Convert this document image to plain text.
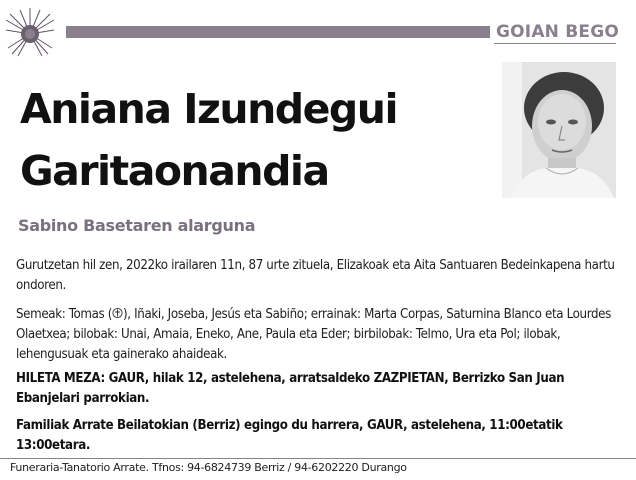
GOIAN BEGO
Aniana Izundegui
Garitaonandia
Sabino Basetaren alarguna
Gurutzetan hil zen, 2022ko irailaren 11n, 87 urte zituela, Elizakoak eta Aita Santuaren Bedeinkapena hartu ondoren.
Semeak: Tomas ( ), Iñaki, Joseba, Jesús eta Sabiño; errainak: Marta Corpas, Saturnina Blanco eta Lourdes Olaetxea; bilobak: Unai, Amaia, Eneko, Ane, Paula eta Eder; birbilobak: Telmo, Ura eta Pol; ilobak, lehengusuak eta gainerako ahaideak.
HILETA MEZA: GAUR, hilak 12, astelehena, arratsaldeko ZAZPIETAN, Berrizko San Juan Ebanjelari parrokian.
Familiak Arrate Beilatokian (Berriz) egingo du harrera, GAUR, astelehena, 11:00etatik 13:00etara.
Funeraria-Tanatorio Arrate. Tfnos: 94-6824739 Berriz / 94-6202220 Durango
